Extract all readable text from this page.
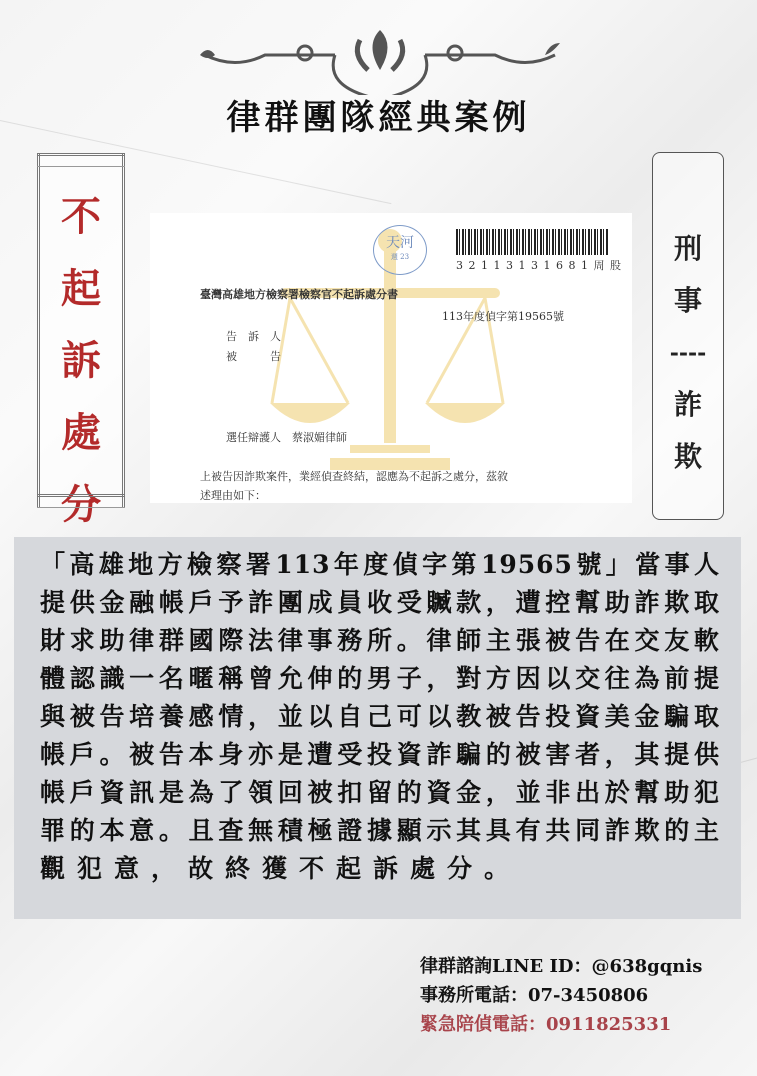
律群團隊經典案例
不
起
訴
處
分
天河
週 23
3 2 1 1 3 1 3 1 6 8 1 周 股
臺灣高雄地方檢察署檢察官不起訴處分書
113年度偵字第19565號
告　訴　人
被　　　告
選任辯護人　蔡淑媚律師
上被告因詐欺案件，業經偵查終結，認應為不起訴之處分，茲敘
述理由如下：
刑
事
----
詐
欺
「高雄地方檢察署113年度偵字第19565號」當事人
提供金融帳戶予詐團成員收受贓款，遭控幫助詐欺取
財求助律群國際法律事務所。律師主張被告在交友軟
體認識一名暱稱曾允伸的男子，對方因以交往為前提
與被告培養感情，並以自己可以教被告投資美金騙取
帳戶。被告本身亦是遭受投資詐騙的被害者，其提供
帳戶資訊是為了領回被扣留的資金，並非出於幫助犯
罪的本意。且查無積極證據顯示其具有共同詐欺的主
觀犯意，故終獲不起訴處分。
律群諮詢LINE ID：@638gqnis
事務所電話：07-3450806
緊急陪偵電話：0911825331
